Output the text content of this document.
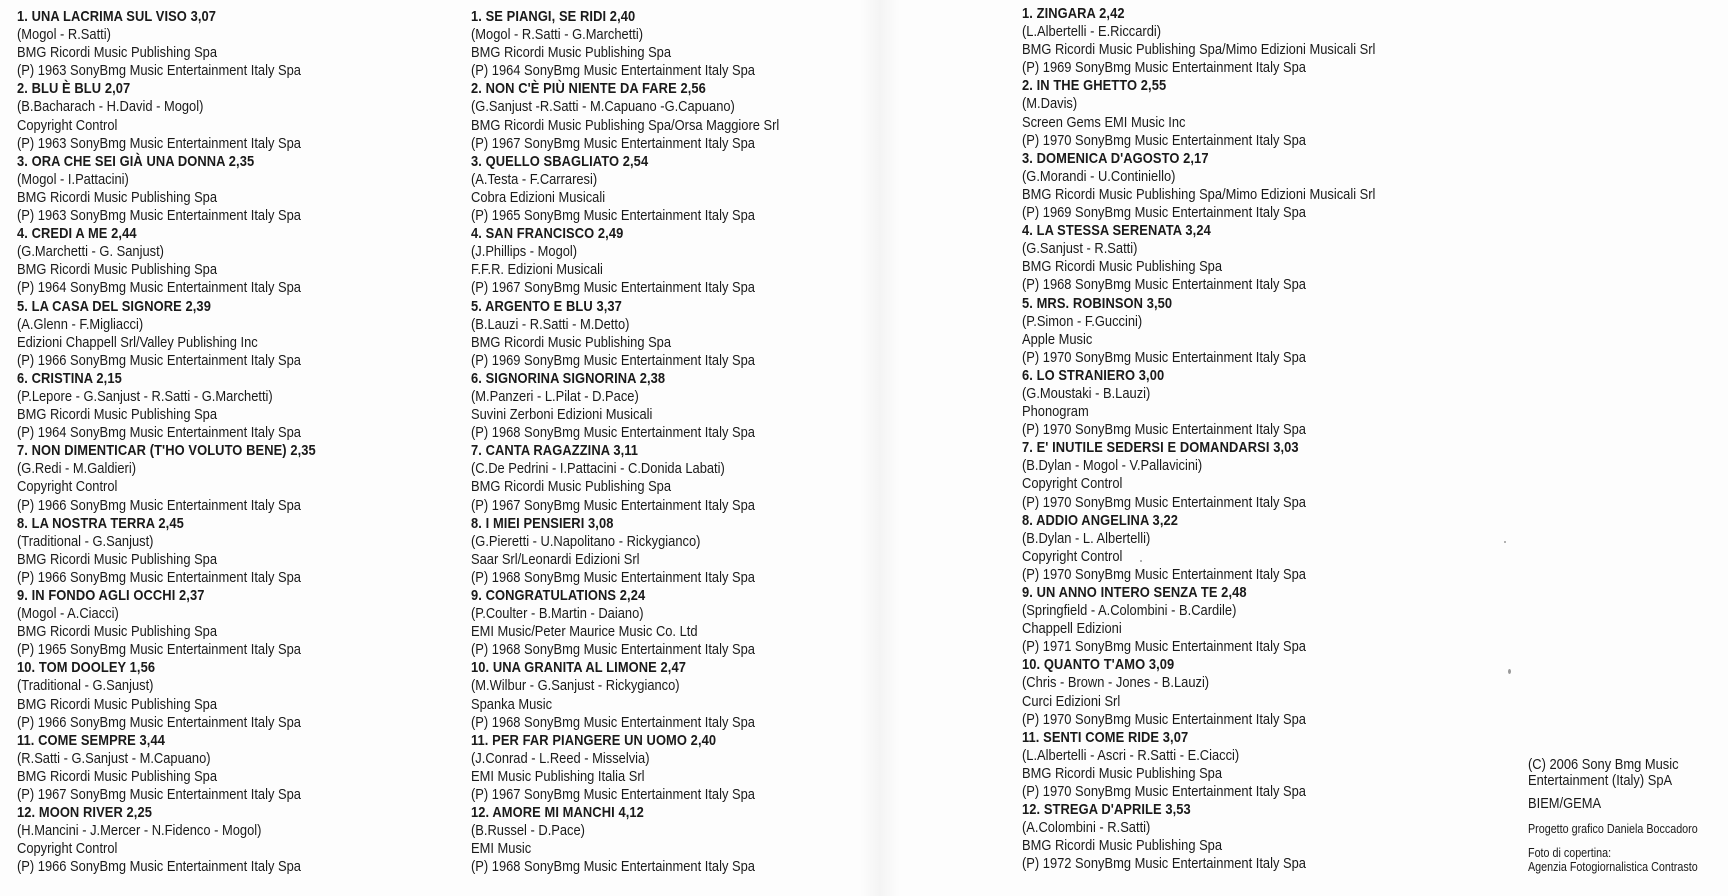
1. UNA LACRIMA SUL VISO 3,07
(Mogol - R.Satti)
BMG Ricordi Music Publishing Spa
(P) 1963 SonyBmg Music Entertainment Italy Spa
2. BLU È BLU 2,07
(B.Bacharach - H.David - Mogol)
Copyright Control
(P) 1963 SonyBmg Music Entertainment Italy Spa
3. ORA CHE SEI GIÀ UNA DONNA 2,35
(Mogol - I.Pattacini)
BMG Ricordi Music Publishing Spa
(P) 1963 SonyBmg Music Entertainment Italy Spa
4. CREDI A ME 2,44
(G.Marchetti - G. Sanjust)
BMG Ricordi Music Publishing Spa
(P) 1964 SonyBmg Music Entertainment Italy Spa
5. LA CASA DEL SIGNORE 2,39
(A.Glenn - F.Migliacci)
Edizioni Chappell Srl/Valley Publishing Inc
(P) 1966 SonyBmg Music Entertainment Italy Spa
6. CRISTINA 2,15
(P.Lepore - G.Sanjust - R.Satti - G.Marchetti)
BMG Ricordi Music Publishing Spa
(P) 1964 SonyBmg Music Entertainment Italy Spa
7. NON DIMENTICAR (T'HO VOLUTO BENE) 2,35
(G.Redi - M.Galdieri)
Copyright Control
(P) 1966 SonyBmg Music Entertainment Italy Spa
8. LA NOSTRA TERRA 2,45
(Traditional - G.Sanjust)
BMG Ricordi Music Publishing Spa
(P) 1966 SonyBmg Music Entertainment Italy Spa
9. IN FONDO AGLI OCCHI 2,37
(Mogol - A.Ciacci)
BMG Ricordi Music Publishing Spa
(P) 1965 SonyBmg Music Entertainment Italy Spa
10. TOM DOOLEY 1,56
(Traditional - G.Sanjust)
BMG Ricordi Music Publishing Spa
(P) 1966 SonyBmg Music Entertainment Italy Spa
11. COME SEMPRE 3,44
(R.Satti - G.Sanjust - M.Capuano)
BMG Ricordi Music Publishing Spa
(P) 1967 SonyBmg Music Entertainment Italy Spa
12. MOON RIVER 2,25
(H.Mancini - J.Mercer - N.Fidenco - Mogol)
Copyright Control
(P) 1966 SonyBmg Music Entertainment Italy Spa
1. SE PIANGI, SE RIDI 2,40
(Mogol - R.Satti - G.Marchetti)
BMG Ricordi Music Publishing Spa
(P) 1964 SonyBmg Music Entertainment Italy Spa
2. NON C'È PIÙ NIENTE DA FARE 2,56
(G.Sanjust -R.Satti - M.Capuano -G.Capuano)
BMG Ricordi Music Publishing Spa/Orsa Maggiore Srl
(P) 1967 SonyBmg Music Entertainment Italy Spa
3. QUELLO SBAGLIATO 2,54
(A.Testa - F.Carraresi)
Cobra Edizioni Musicali
(P) 1965 SonyBmg Music Entertainment Italy Spa
4. SAN FRANCISCO 2,49
(J.Phillips - Mogol)
F.F.R. Edizioni Musicali
(P) 1967 SonyBmg Music Entertainment Italy Spa
5. ARGENTO E BLU 3,37
(B.Lauzi - R.Satti - M.Detto)
BMG Ricordi Music Publishing Spa
(P) 1969 SonyBmg Music Entertainment Italy Spa
6. SIGNORINA SIGNORINA 2,38
(M.Panzeri - L.Pilat - D.Pace)
Suvini Zerboni Edizioni Musicali
(P) 1968 SonyBmg Music Entertainment Italy Spa
7. CANTA RAGAZZINA 3,11
(C.De Pedrini - I.Pattacini - C.Donida Labati)
BMG Ricordi Music Publishing Spa
(P) 1967 SonyBmg Music Entertainment Italy Spa
8. I MIEI PENSIERI 3,08
(G.Pieretti - U.Napolitano - Rickygianco)
Saar Srl/Leonardi Edizioni Srl
(P) 1968 SonyBmg Music Entertainment Italy Spa
9. CONGRATULATIONS 2,24
(P.Coulter - B.Martin - Daiano)
EMI Music/Peter Maurice Music Co. Ltd
(P) 1968 SonyBmg Music Entertainment Italy Spa
10. UNA GRANITA AL LIMONE 2,47
(M.Wilbur - G.Sanjust - Rickygianco)
Spanka Music
(P) 1968 SonyBmg Music Entertainment Italy Spa
11. PER FAR PIANGERE UN UOMO 2,40
(J.Conrad - L.Reed - Misselvia)
EMI Music Publishing Italia Srl
(P) 1967 SonyBmg Music Entertainment Italy Spa
12. AMORE MI MANCHI 4,12
(B.Russel - D.Pace)
EMI Music
(P) 1968 SonyBmg Music Entertainment Italy Spa
1. ZINGARA 2,42
(L.Albertelli - E.Riccardi)
BMG Ricordi Music Publishing Spa/Mimo Edizioni Musicali Srl
(P) 1969 SonyBmg Music Entertainment Italy Spa
2. IN THE GHETTO 2,55
(M.Davis)
Screen Gems EMI Music Inc
(P) 1970 SonyBmg Music Entertainment Italy Spa
3. DOMENICA D'AGOSTO 2,17
(G.Morandi - U.Continiello)
BMG Ricordi Music Publishing Spa/Mimo Edizioni Musicali Srl
(P) 1969 SonyBmg Music Entertainment Italy Spa
4. LA STESSA SERENATA 3,24
(G.Sanjust - R.Satti)
BMG Ricordi Music Publishing Spa
(P) 1968 SonyBmg Music Entertainment Italy Spa
5. MRS. ROBINSON 3,50
(P.Simon - F.Guccini)
Apple Music
(P) 1970 SonyBmg Music Entertainment Italy Spa
6. LO STRANIERO 3,00
(G.Moustaki - B.Lauzi)
Phonogram
(P) 1970 SonyBmg Music Entertainment Italy Spa
7. E' INUTILE SEDERSI E DOMANDARSI 3,03
(B.Dylan - Mogol - V.Pallavicini)
Copyright Control
(P) 1970 SonyBmg Music Entertainment Italy Spa
8. ADDIO ANGELINA 3,22
(B.Dylan - L. Albertelli)
Copyright Control
(P) 1970 SonyBmg Music Entertainment Italy Spa
9. UN ANNO INTERO SENZA TE 2,48
(Springfield - A.Colombini - B.Cardile)
Chappell Edizioni
(P) 1971 SonyBmg Music Entertainment Italy Spa
10. QUANTO T'AMO 3,09
(Chris - Brown - Jones - B.Lauzi)
Curci Edizioni Srl
(P) 1970 SonyBmg Music Entertainment Italy Spa
11. SENTI COME RIDE 3,07
(L.Albertelli - Ascri - R.Satti - E.Ciacci)
BMG Ricordi Music Publishing Spa
(P) 1970 SonyBmg Music Entertainment Italy Spa
12. STREGA D'APRILE 3,53
(A.Colombini - R.Satti)
BMG Ricordi Music Publishing Spa
(P) 1972 SonyBmg Music Entertainment Italy Spa
(C) 2006 Sony Bmg Music
Entertainment (Italy) SpA
BIEM/GEMA
Progetto grafico Daniela Boccadoro
Foto di copertina:
Agenzia Fotogiornalistica Contrasto
